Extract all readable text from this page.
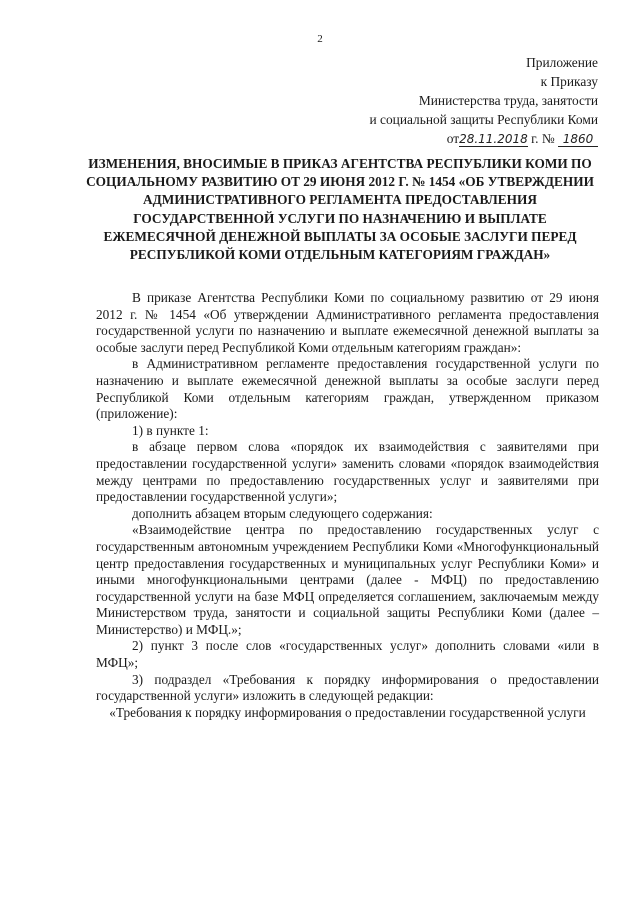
2
Приложение
к Приказу
Министерства труда, занятости
и социальной защиты Республики Коми
от28.11.2018 г. № 1860
ИЗМЕНЕНИЯ, ВНОСИМЫЕ В ПРИКАЗ АГЕНТСТВА РЕСПУБЛИКИ КОМИ ПО СОЦИАЛЬНОМУ РАЗВИТИЮ ОТ 29 ИЮНЯ 2012 Г. № 1454 «ОБ УТВЕРЖДЕНИИ АДМИНИСТРАТИВНОГО РЕГЛАМЕНТА ПРЕДОСТАВЛЕНИЯ ГОСУДАРСТВЕННОЙ УСЛУГИ ПО НАЗНАЧЕНИЮ И ВЫПЛАТЕ ЕЖЕМЕСЯЧНОЙ ДЕНЕЖНОЙ ВЫПЛАТЫ ЗА ОСОБЫЕ ЗАСЛУГИ ПЕРЕД РЕСПУБЛИКОЙ КОМИ ОТДЕЛЬНЫМ КАТЕГОРИЯМ ГРАЖДАН»

В приказе Агентства Республики Коми по социальному развитию от 29 июня 2012 г. № 1454 «Об утверждении Административного регламента предоставления государственной услуги по назначению и выплате ежемесячной денежной выплаты за особые заслуги перед Республикой Коми отдельным категориям граждан»:

в Административном регламенте предоставления государственной услуги по назначению и выплате ежемесячной денежной выплаты за особые заслуги перед Республикой Коми отдельным категориям граждан, утвержденном приказом (приложение):

1) в пункте 1:

в абзаце первом слова «порядок их взаимодействия с заявителями при предоставлении государственной услуги» заменить словами «порядок взаимодействия между центрами по предоставлению государственных услуг и заявителями при предоставлении государственной услуги»;

дополнить абзацем вторым следующего содержания:

«Взаимодействие центра по предоставлению государственных услуг с государственным автономным учреждением Республики Коми «Многофункциональный центр предоставления государственных и муниципальных услуг Республики Коми» и иными многофункциональными центрами (далее - МФЦ) по предоставлению государственной услуги на базе МФЦ определяется соглашением, заключаемым между Министерством труда, занятости и социальной защиты Республики Коми (далее – Министерство) и МФЦ.»;

2) пункт 3 после слов «государственных услуг» дополнить словами «или в МФЦ»;

3) подраздел «Требования к порядку информирования о предоставлении государственной услуги» изложить в следующей редакции:

«Требования к порядку информирования о предоставлении государственной услуги
